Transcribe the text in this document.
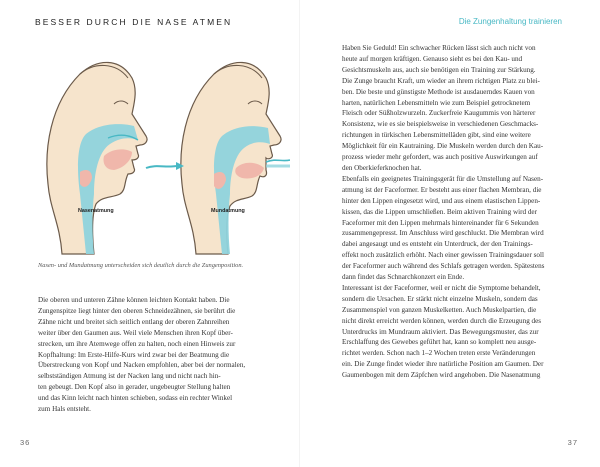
BESSER DURCH DIE NASE ATMEN
Nasenatmung	Mundatmung
Nasen- und Mundatmung unterscheiden sich deutlich durch die Zungenposition.
Die oberen und unteren Zähne können leichten Kontakt haben. Die
Zungenspitze liegt hinter den oberen Schneidezähnen, sie berührt die
Zähne nicht und breitet sich seitlich entlang der oberen Zahnreihen
weiter über den Gaumen aus. Weil viele Menschen ihren Kopf über-
strecken, um ihre Atemwege offen zu halten, noch einen Hinweis zur
Kopfhaltung: Im Erste-Hilfe-Kurs wird zwar bei der Beatmung die
Überstreckung von Kopf und Nacken empfohlen, aber bei der normalen,
selbstständigen Atmung ist der Nacken lang und nicht nach hin-
ten gebeugt. Den Kopf also in gerader, ungebeugter Stellung halten
und das Kinn leicht nach hinten schieben, sodass ein rechter Winkel
zum Hals entsteht.
36
Die Zungenhaltung trainieren
Haben Sie Geduld! Ein schwacher Rücken lässt sich auch nicht von
heute auf morgen kräftigen. Genauso sieht es bei den Kau- und
Gesichtsmuskeln aus, auch sie benötigen ein Training zur Stärkung.
Die Zunge braucht Kraft, um wieder an ihrem richtigen Platz zu blei-
ben. Die beste und günstigste Methode ist ausdauerndes Kauen von
harten, natürlichen Lebensmitteln wie zum Beispiel getrocknetem
Fleisch oder Süßholzwurzeln. Zuckerfreie Kaugummis von härterer
Konsistenz, wie es sie beispielsweise in verschiedenen Geschmacks-
richtungen in türkischen Lebensmittelläden gibt, sind eine weitere
Möglichkeit für ein Kautraining. Die Muskeln werden durch den Kau-
prozess wieder mehr gefordert, was auch positive Auswirkungen auf
den Oberkieferknochen hat.
Ebenfalls ein geeignetes Trainingsgerät für die Umstellung auf Nasen-
atmung ist der Faceformer. Er besteht aus einer flachen Membran, die
hinter den Lippen eingesetzt wird, und aus einem elastischen Lippen-
kissen, das die Lippen umschließen. Beim aktiven Training wird der
Faceformer mit den Lippen mehrmals hintereinander für 6 Sekunden
zusammengepresst. Im Anschluss wird geschluckt. Die Membran wird
dabei angesaugt und es entsteht ein Unterdruck, der den Trainings-
effekt noch zusätzlich erhöht. Nach einer gewissen Trainingsdauer soll
der Faceformer auch während des Schlafs getragen werden. Spätestens
dann findet das Schnarchkonzert ein Ende.
Interessant ist der Faceformer, weil er nicht die Symptome behandelt,
sondern die Ursachen. Er stärkt nicht einzelne Muskeln, sondern das
Zusammenspiel von ganzen Muskelketten. Auch Muskelpartien, die
nicht direkt erreicht werden können, werden durch die Erzeugung des
Unterdrucks im Mundraum aktiviert. Das Bewegungsmuster, das zur
Erschlaffung des Gewebes geführt hat, kann so komplett neu ausge-
richtet werden. Schon nach 1–2 Wochen treten erste Veränderungen
ein. Die Zunge findet wieder ihre natürliche Position am Gaumen. Der
Gaumenbogen mit dem Zäpfchen wird angehoben. Die Nasenatmung
37
